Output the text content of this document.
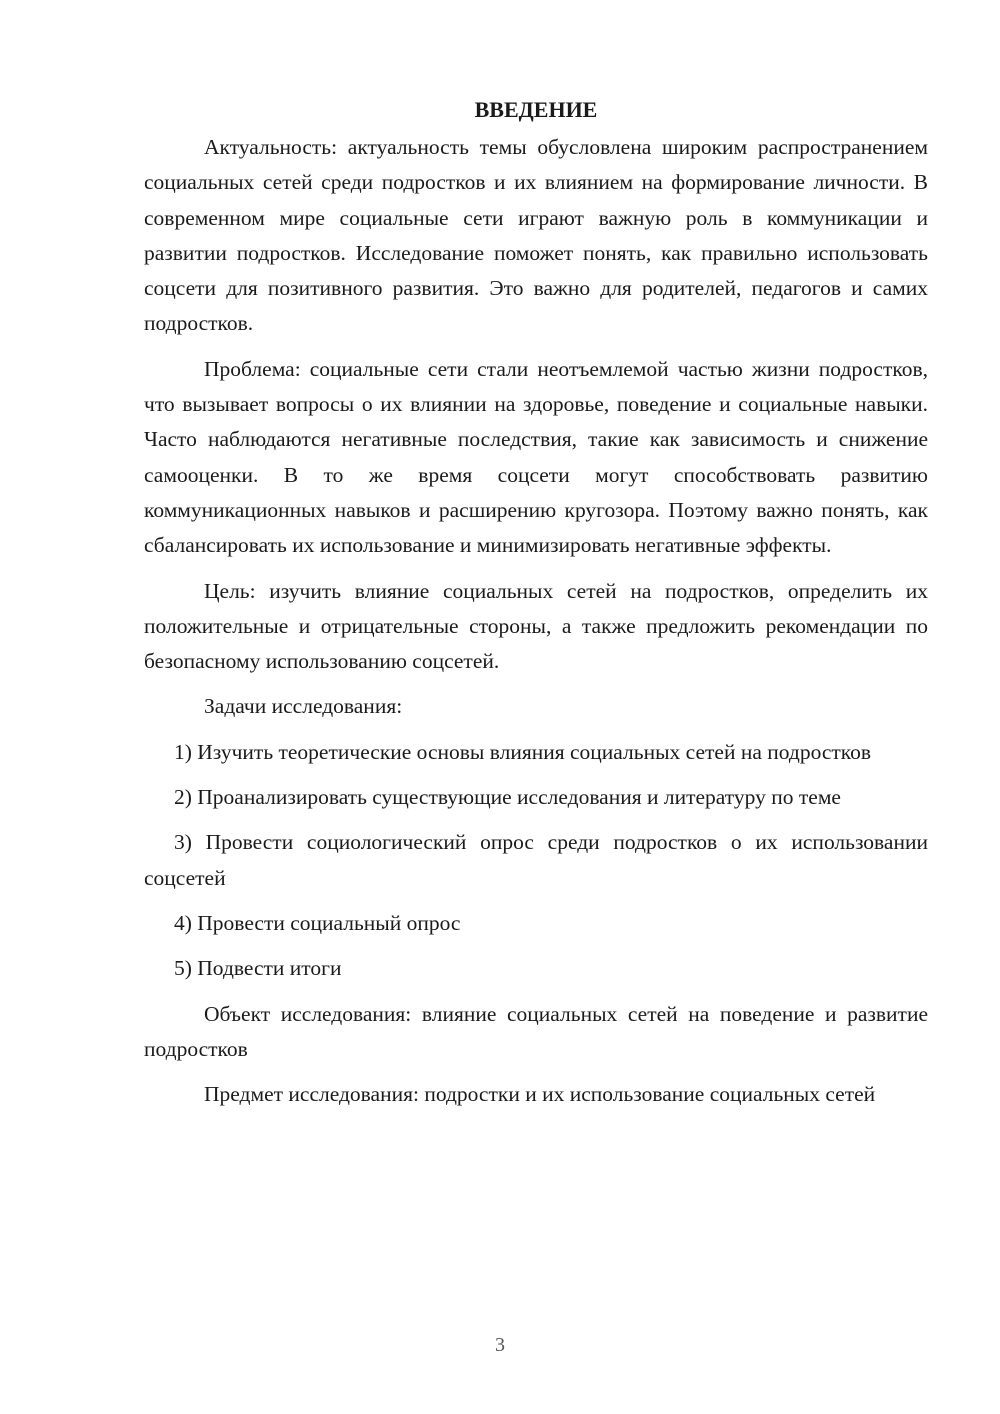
ВВЕДЕНИЕ

Актуальность: актуальность темы обусловлена широким распространением социальных сетей среди подростков и их влиянием на формирование личности. В современном мире социальные сети играют важную роль в коммуникации и развитии подростков. Исследование поможет понять, как правильно использовать соцсети для позитивного развития. Это важно для родителей, педагогов и самих подростков.

Проблема: социальные сети стали неотъемлемой частью жизни подростков, что вызывает вопросы о их влиянии на здоровье, поведение и социальные навыки. Часто наблюдаются негативные последствия, такие как зависимость и снижение самооценки. В то же время соцсети могут способствовать развитию коммуникационных навыков и расширению кругозора. Поэтому важно понять, как сбалансировать их использование и минимизировать негативные эффекты.

Цель: изучить влияние социальных сетей на подростков, определить их положительные и отрицательные стороны, а также предложить рекомендации по безопасному использованию соцсетей.

Задачи исследования:

1) Изучить теоретические основы влияния социальных сетей на подростков

2) Проанализировать существующие исследования и литературу по теме

3) Провести социологический опрос среди подростков о их использовании соцсетей

4) Провести социальный опрос

5) Подвести итоги

Объект исследования: влияние социальных сетей на поведение и развитие подростков

Предмет исследования: подростки и их использование социальных сетей

3
